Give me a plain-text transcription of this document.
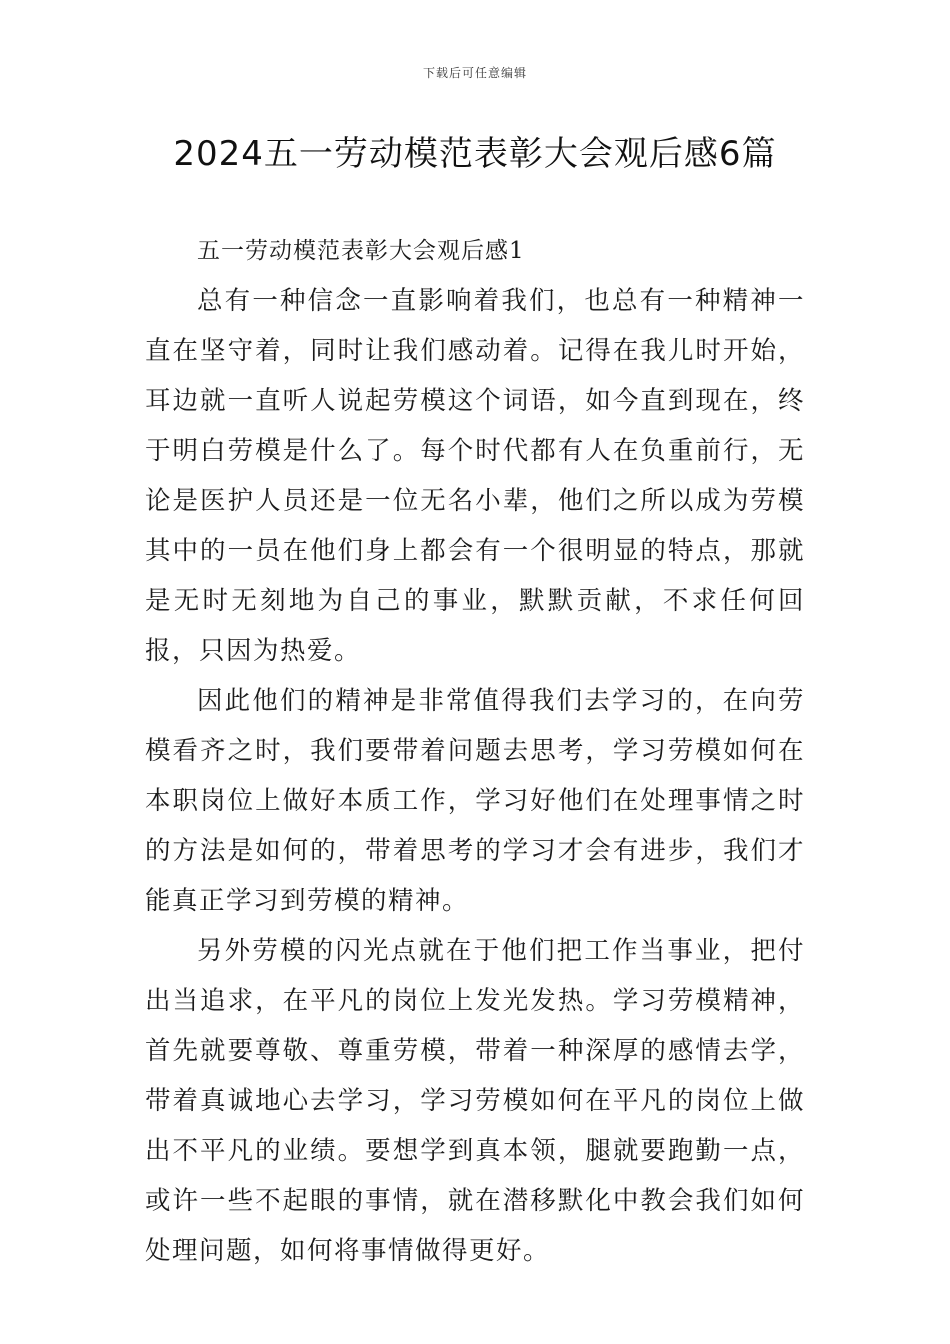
下载后可任意编辑
2024五一劳动模范表彰大会观后感6篇

五一劳动模范表彰大会观后感1

总有一种信念一直影响着我们，也总有一种精神一直在坚守着，同时让我们感动着。记得在我儿时开始，耳边就一直听人说起劳模这个词语，如今直到现在，终于明白劳模是什么了。每个时代都有人在负重前行，无论是医护人员还是一位无名小辈，他们之所以成为劳模其中的一员在他们身上都会有一个很明显的特点，那就是无时无刻地为自己的事业，默默贡献，不求任何回报，只因为热爱。

因此他们的精神是非常值得我们去学习的，在向劳模看齐之时，我们要带着问题去思考，学习劳模如何在本职岗位上做好本质工作，学习好他们在处理事情之时的方法是如何的，带着思考的学习才会有进步，我们才能真正学习到劳模的精神。

另外劳模的闪光点就在于他们把工作当事业，把付出当追求，在平凡的岗位上发光发热。学习劳模精神，首先就要尊敬、尊重劳模，带着一种深厚的感情去学，带着真诚地心去学习，学习劳模如何在平凡的岗位上做出不平凡的业绩。要想学到真本领，腿就要跑勤一点，或许一些不起眼的事情，就在潜移默化中教会我们如何处理问题，如何将事情做得更好。
